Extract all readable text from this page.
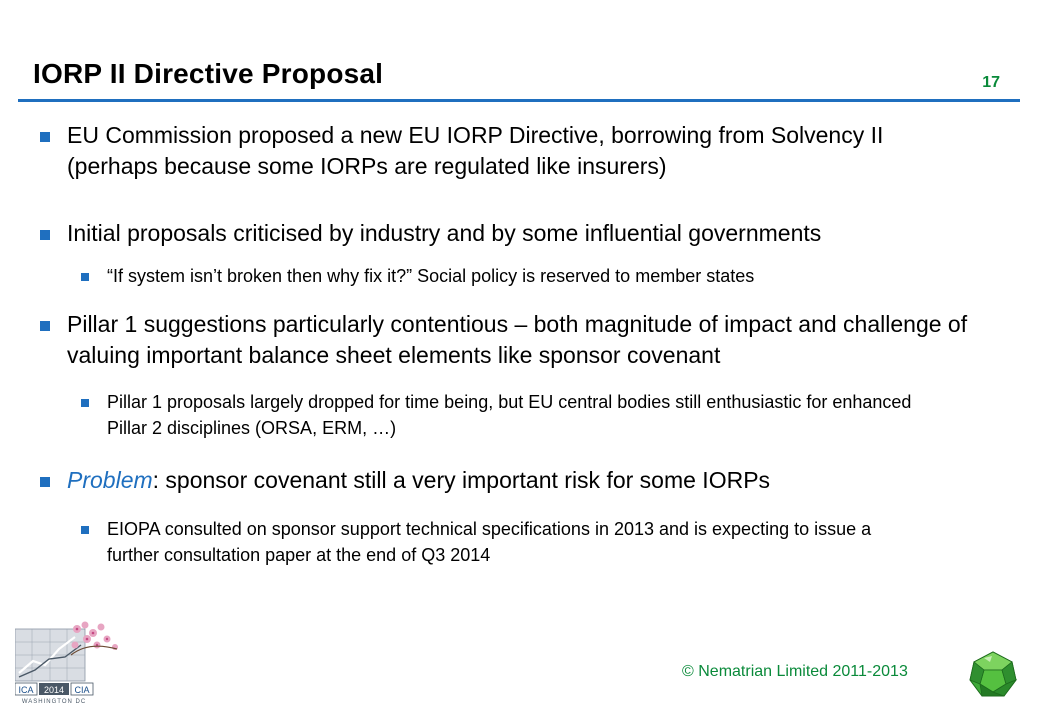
IORP II Directive Proposal	17
EU Commission proposed a new EU IORP Directive, borrowing from Solvency II (perhaps because some IORPs are regulated like insurers)
Initial proposals criticised by industry and by some influential governments
“If system isn’t broken then why fix it?” Social policy is reserved to member states
Pillar 1 suggestions particularly contentious – both magnitude of impact and challenge of valuing important balance sheet elements like sponsor covenant
Pillar 1 proposals largely dropped for time being, but EU central bodies still enthusiastic for enhanced Pillar 2 disciplines (ORSA, ERM, …)
Problem: sponsor covenant still a very important risk for some IORPs
EIOPA consulted on sponsor support technical specifications in 2013 and is expecting to issue a further consultation paper at the end of Q3 2014
ICA 2014 CIA
WASHINGTON DC
© Nematrian Limited 2011-2013
